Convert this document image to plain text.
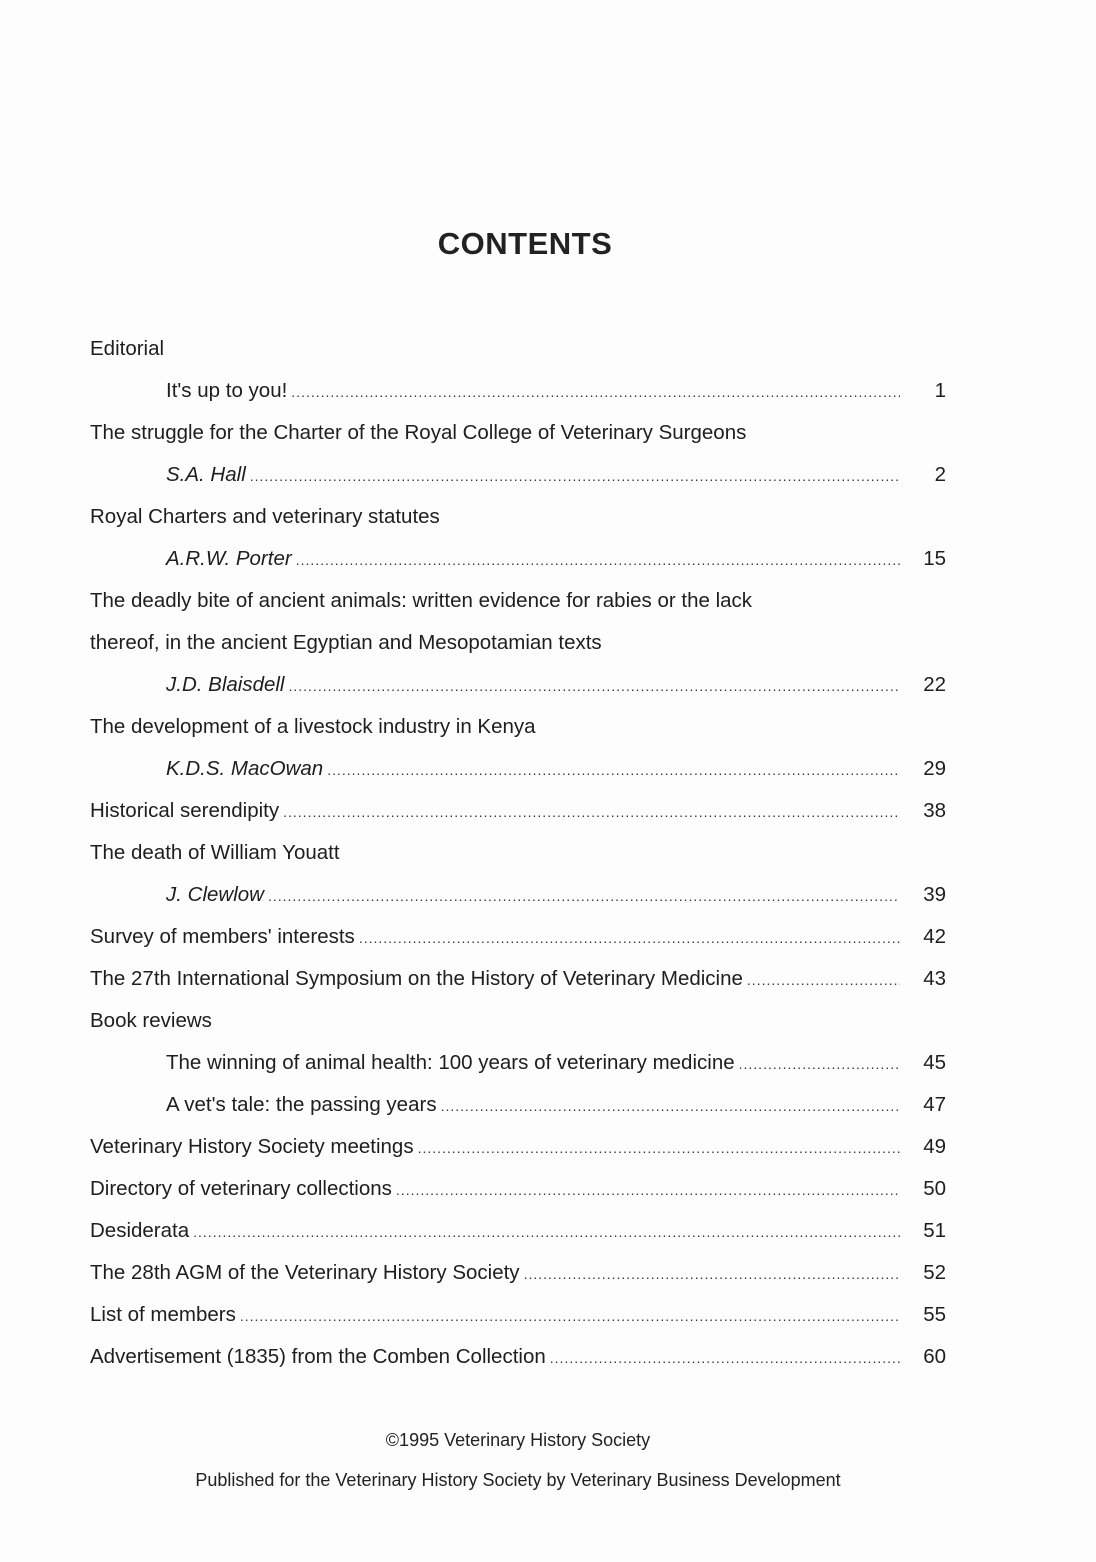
CONTENTS
Editorial
It's up to you! .....	1
The struggle for the Charter of the Royal College of Veterinary Surgeons
S.A. Hall .....	2
Royal Charters and veterinary statutes
A.R.W. Porter .....	15
The deadly bite of ancient animals: written evidence for rabies or the lack
thereof, in the ancient Egyptian and Mesopotamian texts
J.D. Blaisdell .....	22
The development of a livestock industry in Kenya
K.D.S. MacOwan .....	29
Historical serendipity .....	38
The death of William Youatt
J. Clewlow .....	39
Survey of members' interests .....	42
The 27th International Symposium on the History of Veterinary Medicine .....	43
Book reviews
The winning of animal health: 100 years of veterinary medicine .....	45
A vet's tale: the passing years .....	47
Veterinary History Society meetings .....	49
Directory of veterinary collections .....	50
Desiderata .....	51
The 28th AGM of the Veterinary History Society .....	52
List of members .....	55
Advertisement (1835) from the Comben Collection .....	60
©1995 Veterinary History Society
Published for the Veterinary History Society by Veterinary Business Development
